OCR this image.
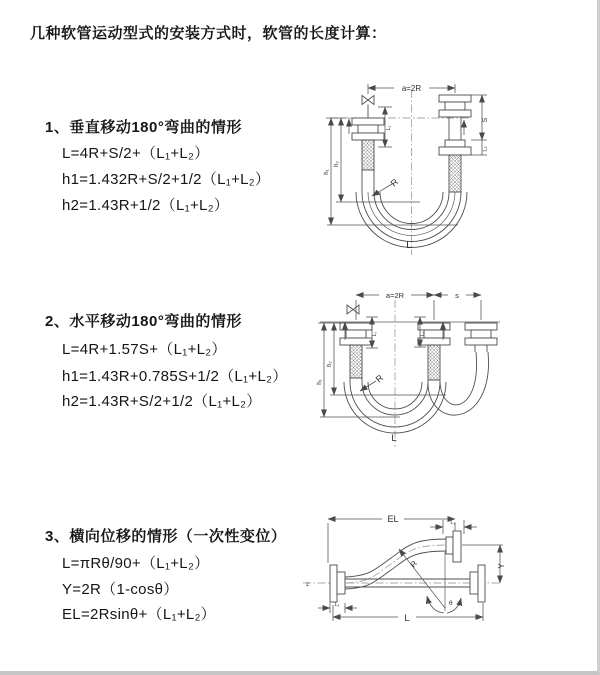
几种软管运动型式的安装方式时，软管的长度计算：
1、垂直移动180°弯曲的情形
L=4R+S/2+（L₁+L₂）
h1=1.432R+S/2+1/2（L₁+L₂）
h2=1.43R+1/2（L₁+L₂）
2、水平移动180°弯曲的情形
L=4R+1.57S+（L₁+L₂）
h1=1.43R+0.785S+1/2（L₁+L₂）
h2=1.43R+S/2+1/2（L₁+L₂）
3、横向位移的情形（一次性变位）
L=πRθ/90+（L₁+L₂）
Y=2R（1-cosθ）
EL=2Rsinθ+（L₁+L₂）
a=2R
R
S
L₂
L₁
h₁
h₂
L
a=2R	s
L₁	L₂
R
h₁
h₂
L
z
EL	L₂
R
θ
Y
L₁
L
